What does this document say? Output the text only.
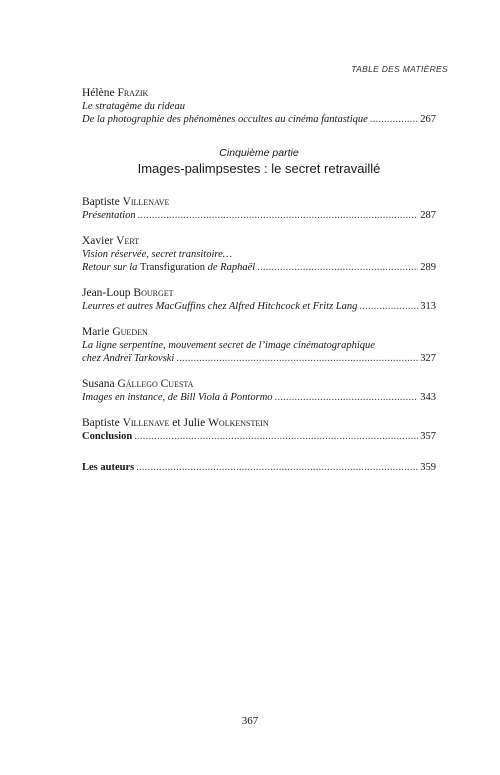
TABLE DES MATIÈRES
Hélène Frazik
Le stratagème du rideau
De la photographie des phénomènes occultes au cinéma fantastique . . .	267
Cinquième partie
Images-palimpsestes : le secret retravaillé
Baptiste Villenave
Présentation . . .	287
Xavier Vert
Vision réservée, secret transitoire…
Retour sur la Transfiguration de Raphaël . . .	289
Jean-Loup Bourget
Leurres et autres MacGuffins chez Alfred Hitchcock et Fritz Lang . . .	313
Marie Gueden
La ligne serpentine, mouvement secret de l’image cinématographique
chez Andreï Tarkovski . . .	327
Susana Gállego Cuesta
Images en instance, de Bill Viola à Pontormo . . .	343
Baptiste Villenave et Julie Wolkenstein
Conclusion . . .	357
Les auteurs . . .	359
367
